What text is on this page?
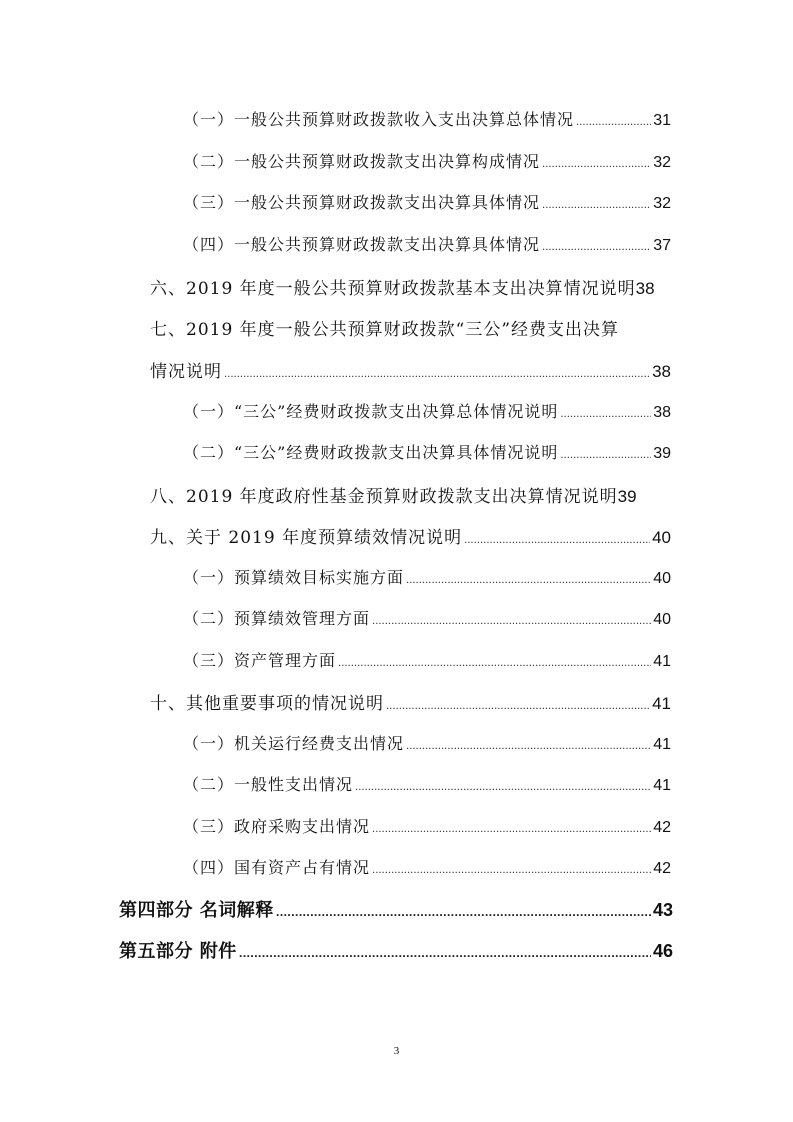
（一）一般公共预算财政拨款收入支出决算总体情况 .....	31
（二）一般公共预算财政拨款支出决算构成情况 .....	32
（三）一般公共预算财政拨款支出决算具体情况 .....	32
（四）一般公共预算财政拨款支出决算具体情况 .....	37
六、2019 年度一般公共预算财政拨款基本支出决算情况说明 38
七、2019 年度一般公共预算财政拨款“三公”经费支出决算
情况说明 .....	38
（一）“三公”经费财政拨款支出决算总体情况说明 .....	38
（二）“三公”经费财政拨款支出决算具体情况说明 .....	39
八、2019 年度政府性基金预算财政拨款支出决算情况说明 39
九、关于 2019 年度预算绩效情况说明 .....	40
（一）预算绩效目标实施方面 .....	40
（二）预算绩效管理方面 .....	40
（三）资产管理方面 .....	41
十、其他重要事项的情况说明 .....	41
（一）机关运行经费支出情况 .....	41
（二）一般性支出情况 .....	41
（三）政府采购支出情况 .....	42
（四）国有资产占有情况 .....	42
第四部分 名词解释 .....	43
第五部分 附件 .....	46
3
